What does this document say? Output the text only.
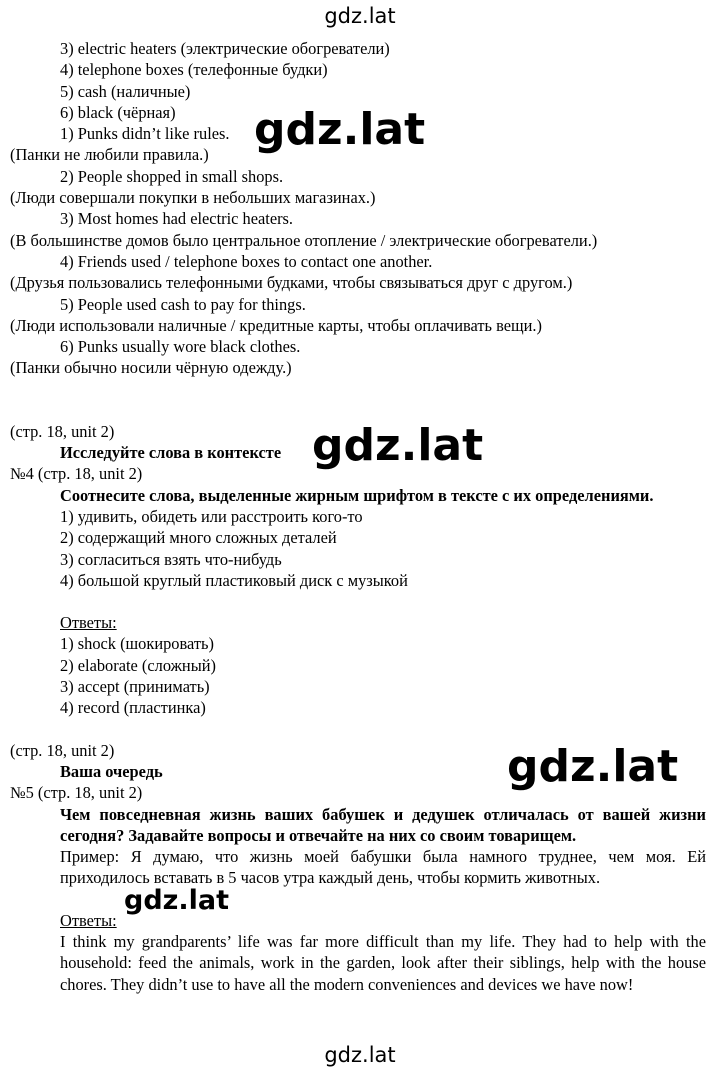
gdz.lat

3) electric heaters (электрические обогреватели)

4) telephone boxes (телефонные будки)

5) cash (наличные)

6) black (чёрная)

1) Punks didn’t like rules.

(Панки не любили правила.)

2) People shopped in small shops.

(Люди совершали покупки в небольших магазинах.)

3) Most homes had electric heaters.

(В большинстве домов было центральное отопление / электрические обогреватели.)

4) Friends used / telephone boxes to contact one another.

(Друзья пользовались телефонными будками, чтобы связываться друг с другом.)

5) People used cash to pay for things.

(Люди использовали наличные / кредитные карты, чтобы оплачивать вещи.)

6) Punks usually wore black clothes.

(Панки обычно носили чёрную одежду.)

(стр. 18, unit 2)

Исследуйте слова в контексте

№4 (стр. 18, unit 2)

Соотнесите слова, выделенные жирным шрифтом в тексте с их определениями.

1) удивить, обидеть или расстроить кого-то

2) содержащий много сложных деталей

3) согласиться взять что-нибудь

4) большой круглый пластиковый диск с музыкой

Ответы:

1) shock (шокировать)

2) elaborate (сложный)

3) accept (принимать)

4) record (пластинка)

(стр. 18, unit 2)

Ваша очередь

№5 (стр. 18, unit 2)

Чем повседневная жизнь ваших бабушек и дедушек отличалась от вашей жизни сегодня? Задавайте вопросы и отвечайте на них со своим товарищем.

Пример: Я думаю, что жизнь моей бабушки была намного труднее, чем моя. Ей приходилось вставать в 5 часов утра каждый день, чтобы кормить животных.

Ответы:

I think my grandparents’ life was far more difficult than my life. They had to help with the household: feed the animals, work in the garden, look after their siblings, help with the house chores. They didn’t use to have all the modern conveniences and devices we have now!

gdz.lat
gdz.lat
gdz.lat
gdz.lat
gdz.lat
